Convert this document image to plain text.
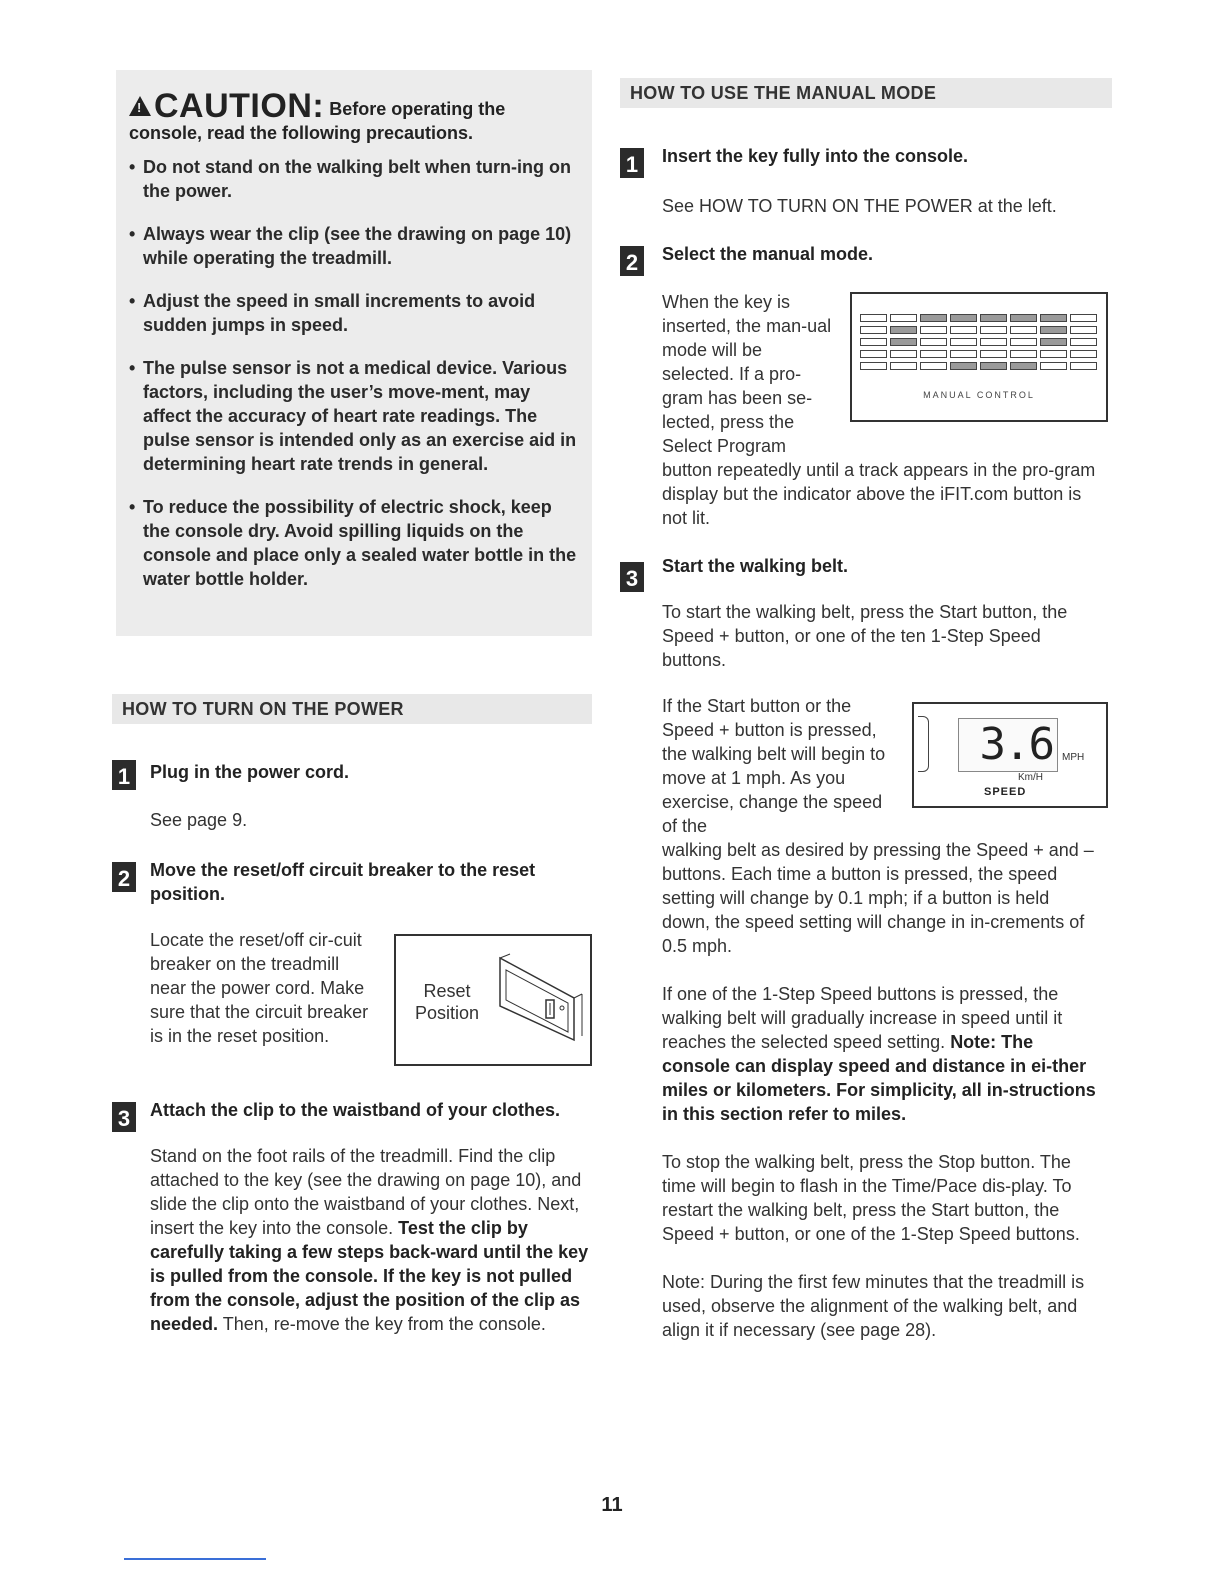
!CAUTION: Before operating the
console, read the following precautions.
• Do not stand on the walking belt when turn-ing on the power.
• Always wear the clip (see the drawing on page 10) while operating the treadmill.
• Adjust the speed in small increments to avoid sudden jumps in speed.
• The pulse sensor is not a medical device. Various factors, including the user’s move-ment, may affect the accuracy of heart rate readings. The pulse sensor is intended only as an exercise aid in determining heart rate trends in general.
• To reduce the possibility of electric shock, keep the console dry. Avoid spilling liquids on the console and place only a sealed water bottle in the water bottle holder.
HOW TO TURN ON THE POWER
1	Plug in the power cord.
See page 9.
2	Move the reset/off circuit breaker to the reset position.
Locate the reset/off cir-cuit breaker on the treadmill near the power cord. Make sure that the circuit breaker is in the reset position.
Reset
Position
3	Attach the clip to the waistband of your clothes.
Stand on the foot rails of the treadmill. Find the clip attached to the key (see the drawing on page 10), and slide the clip onto the waistband of your clothes. Next, insert the key into the console. Test the clip by carefully taking a few steps back-ward until the key is pulled from the console. If the key is not pulled from the console, adjust the position of the clip as needed. Then, re-move the key from the console.
HOW TO USE THE MANUAL MODE
1	Insert the key fully into the console.
See HOW TO TURN ON THE POWER at the left.
2	Select the manual mode.
When the key is inserted, the man-ual mode will be selected. If a pro-gram has been se-lected, press the Select Program
button repeatedly until a track appears in the pro-gram display but the indicator above the iFIT.com button is not lit.
MANUAL CONTROL
3	Start the walking belt.
To start the walking belt, press the Start button, the Speed + button, or one of the ten 1-Step Speed buttons.
If the Start button or the Speed + button is pressed, the walking belt will begin to move at 1 mph. As you exercise, change the speed of the
walking belt as desired by pressing the Speed + and – buttons. Each time a button is pressed, the speed setting will change by 0.1 mph; if a button is held down, the speed setting will change in in-crements of 0.5 mph.
If one of the 1-Step Speed buttons is pressed, the walking belt will gradually increase in speed until it reaches the selected speed setting. Note: The console can display speed and distance in ei-ther miles or kilometers. For simplicity, all in-structions in this section refer to miles.
To stop the walking belt, press the Stop button. The time will begin to flash in the Time/Pace dis-play. To restart the walking belt, press the Start button, the Speed + button, or one of the 1-Step Speed buttons.
Note: During the first few minutes that the treadmill is used, observe the alignment of the walking belt, and align it if necessary (see page 28).
3.6 MPH
Km/H
SPEED
11
